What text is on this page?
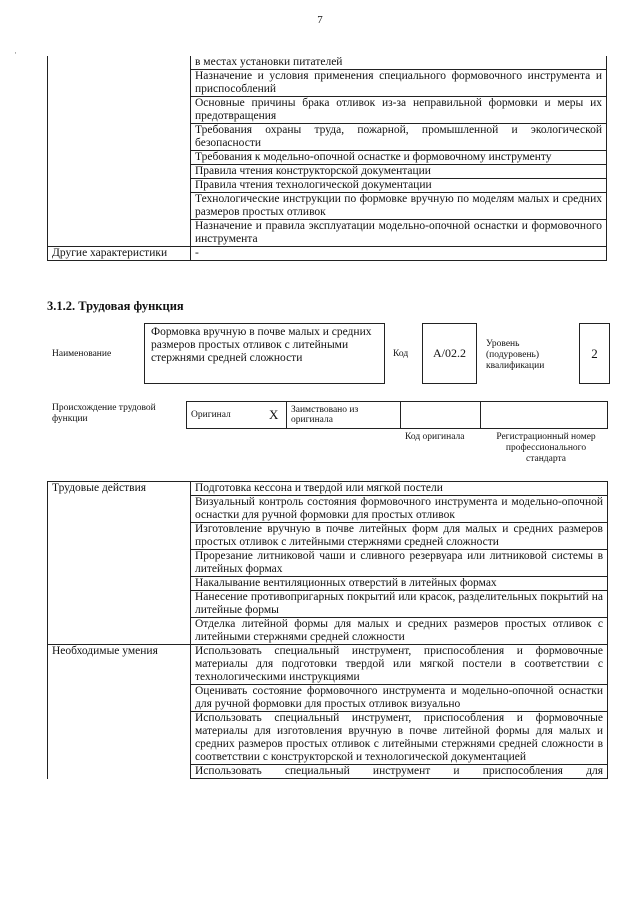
7
·
	в местах установки питателей
	Назначение и условия применения специального формовочного инструмента и приспособлений
	Основные причины брака отливок из-за неправильной формовки и меры их предотвращения
	Требования охраны труда, пожарной, промышленной и экологической безопасности
	Требования к модельно-опочной оснастке и формовочному инструменту
	Правила чтения конструкторской документации
	Правила чтения технологической документации
	Технологические инструкции по формовке вручную по моделям малых и средних размеров простых отливок
	Назначение и правила эксплуатации модельно-опочной оснастки и формовочного инструмента
Другие характеристики	-
3.1.2. Трудовая функция
Наименование
Формовка вручную в почве малых и средних размеров простых отливок с литейными стержнями средней сложности	Код	А/02.2
Уровень (подуровень) квалификации
2
Происхождение трудовой функции	Оригинал	X	Заимствовано из оригинала		
Код оригинала	Регистрационный номер профессионального стандарта
Трудовые действия	Подготовка кессона и твердой или мягкой постели
	Визуальный контроль состояния формовочного инструмента и модельно-опочной оснастки для ручной формовки для простых отливок
	Изготовление вручную в почве литейных форм для малых и средних размеров простых отливок с литейными стержнями средней сложности
	Прорезание литниковой чаши и сливного резервуара или литниковой системы в литейных формах
	Накалывание вентиляционных отверстий в литейных формах
	Нанесение противопригарных покрытий или красок, разделительных покрытий на литейные формы
	Отделка литейной формы для малых и средних размеров простых отливок с литейными стержнями средней сложности
Необходимые умения	Использовать специальный инструмент, приспособления и формовочные материалы для подготовки твердой или мягкой постели в соответствии с технологическими инструкциями
	Оценивать состояние формовочного инструмента и модельно-опочной оснастки для ручной формовки для простых отливок визуально
	Использовать специальный инструмент, приспособления и формовочные материалы для изготовления вручную в почве литейной формы для малых и средних размеров простых отливок с литейными стержнями средней сложности в соответствии с конструкторской и технологической документацией
	Использовать специальный инструмент и приспособления для
